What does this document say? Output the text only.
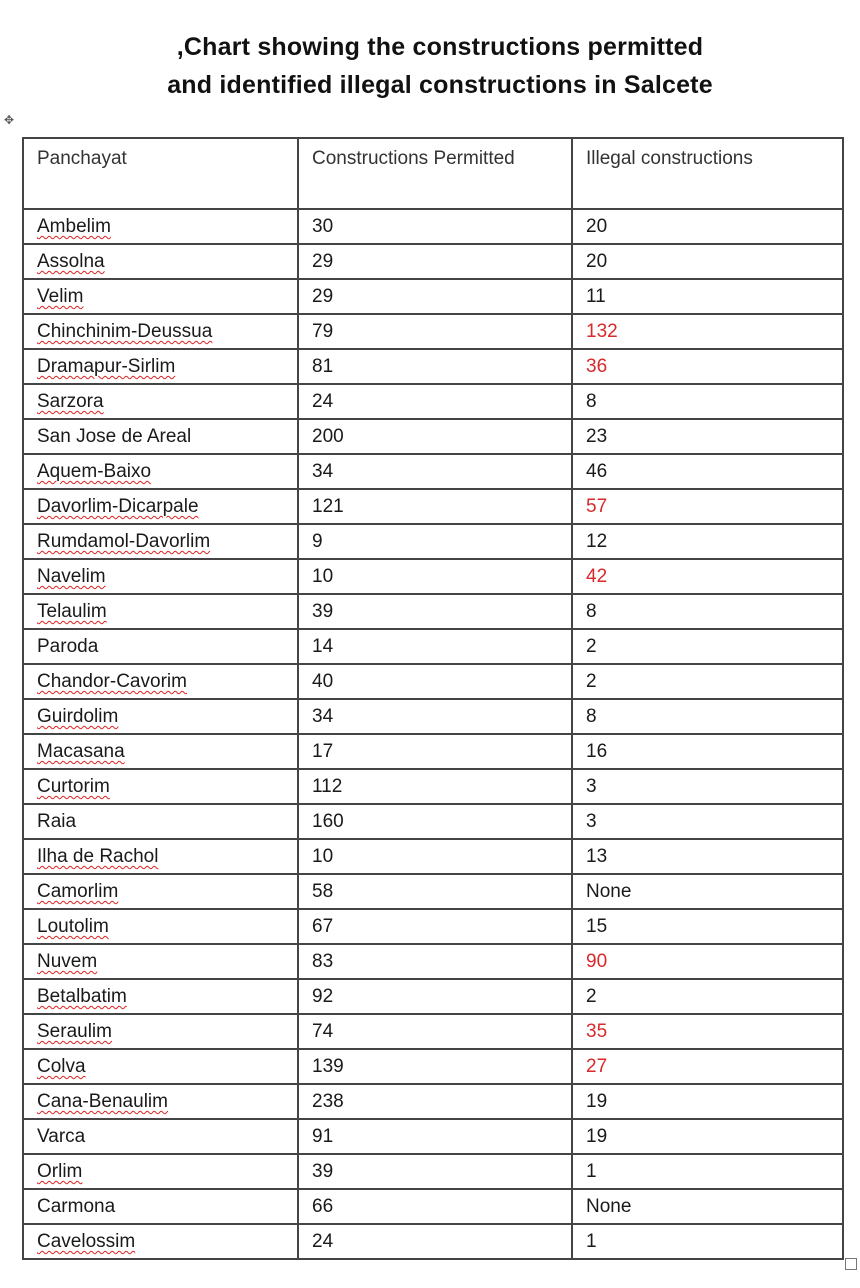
,Chart showing the constructions permitted
and identified illegal constructions in Salcete
✥
Panchayat	Constructions Permitted	Illegal constructions
Ambelim	30	20
Assolna	29	20
Velim	29	11
Chinchinim-Deussua	79	132
Dramapur-Sirlim	81	36
Sarzora	24	8
San Jose de Areal	200	23
Aquem-Baixo	34	46
Davorlim-Dicarpale	121	57
Rumdamol-Davorlim	9	12
Navelim	10	42
Telaulim	39	8
Paroda	14	2
Chandor-Cavorim	40	2
Guirdolim	34	8
Macasana	17	16
Curtorim	112	3
Raia	160	3
Ilha de Rachol	10	13
Camorlim	58	None
Loutolim	67	15
Nuvem	83	90
Betalbatim	92	2
Seraulim	74	35
Colva	139	27
Cana-Benaulim	238	19
Varca	91	19
Orlim	39	1
Carmona	66	None
Cavelossim	24	1
